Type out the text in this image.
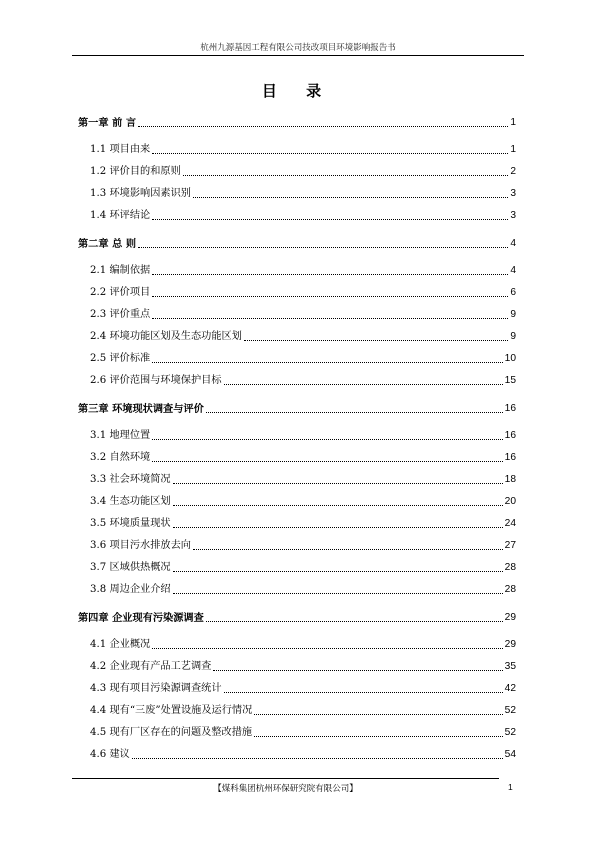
杭州九源基因工程有限公司技改项目环境影响报告书
目 录
第一章 前 言	1
1.1 项目由来	1
1.2 评价目的和原则	2
1.3 环境影响因素识别	3
1.4 环评结论	3
第二章 总 则	4
2.1 编制依据	4
2.2 评价项目	6
2.3 评价重点	9
2.4 环境功能区划及生态功能区划	9
2.5 评价标准	10
2.6 评价范围与环境保护目标	15
第三章 环境现状调查与评价	16
3.1 地理位置	16
3.2 自然环境	16
3.3 社会环境简况	18
3.4 生态功能区划	20
3.5 环境质量现状	24
3.6 项目污水排放去向	27
3.7 区域供热概况	28
3.8 周边企业介绍	28
第四章 企业现有污染源调查	29
4.1 企业概况	29
4.2 企业现有产品工艺调查	35
4.3 现有项目污染源调查统计	42
4.4 现有“三废”处置设施及运行情况	52
4.5 现有厂区存在的问题及整改措施	52
4.6 建议	54
【煤科集团杭州环保研究院有限公司】	1
